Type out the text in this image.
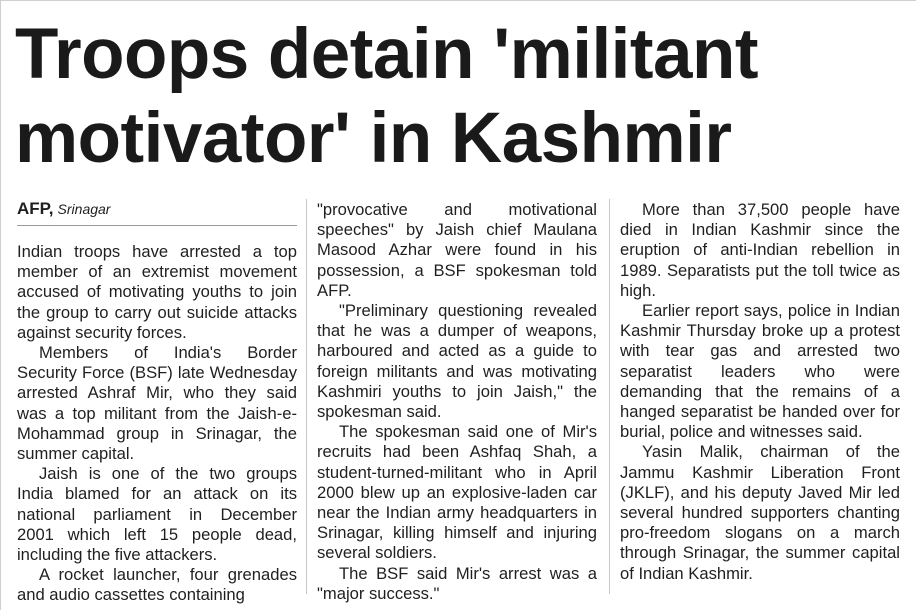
Troops detain 'militant
motivator' in Kashmir
AFP, Srinagar

Indian troops have arrested a top member of an extremist movement accused of motivating youths to join the group to carry out suicide attacks against security forces.

Members of India's Border Security Force (BSF) late Wednesday arrested Ashraf Mir, who they said was a top militant from the Jaish-e-Mohammad group in Srinagar, the summer capital.

Jaish is one of the two groups India blamed for an attack on its national parliament in December 2001 which left 15 people dead, including the five attackers.

A rocket launcher, four grenades and audio cassettes containing

"provocative and motivational speeches" by Jaish chief Maulana Masood Azhar were found in his possession, a BSF spokesman told AFP.

"Preliminary questioning revealed that he was a dumper of weapons, harboured and acted as a guide to foreign militants and was motivating Kashmiri youths to join Jaish," the spokesman said.

The spokesman said one of Mir's recruits had been Ashfaq Shah, a student-turned-militant who in April 2000 blew up an explosive-laden car near the Indian army headquarters in Srinagar, killing himself and injuring several soldiers.

The BSF said Mir's arrest was a "major success."

More than 37,500 people have died in Indian Kashmir since the eruption of anti-Indian rebellion in 1989. Separatists put the toll twice as high.

Earlier report says, police in Indian Kashmir Thursday broke up a protest with tear gas and arrested two separatist leaders who were demanding that the remains of a hanged separatist be handed over for burial, police and witnesses said.

Yasin Malik, chairman of the Jammu Kashmir Liberation Front (JKLF), and his deputy Javed Mir led several hundred supporters chanting pro-freedom slogans on a march through Srinagar, the summer capital of Indian Kashmir.
